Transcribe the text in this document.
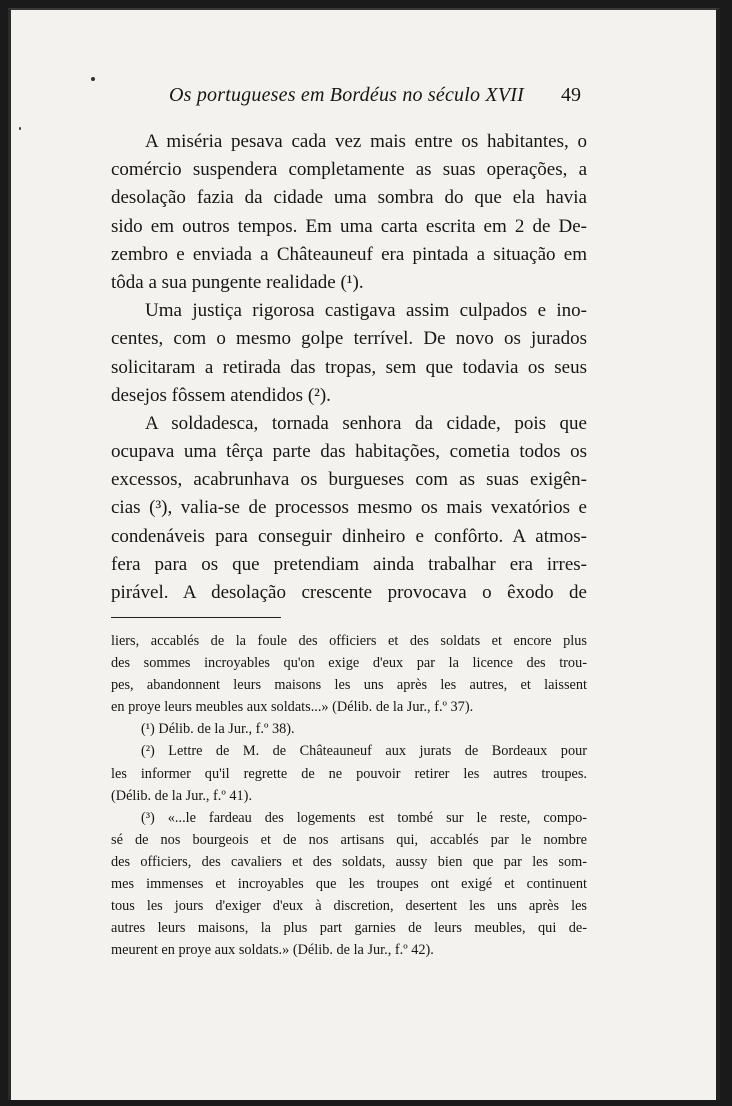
Os portugueses em Bordéus no século XVII 49
A miséria pesava cada vez mais entre os habitantes, o
comércio suspendera completamente as suas operações, a
desolação fazia da cidade uma sombra do que ela havia
sido em outros tempos. Em uma carta escrita em 2 de De-
zembro e enviada a Châteauneuf era pintada a situação em
tôda a sua pungente realidade (¹).
Uma justiça rigorosa castigava assim culpados e ino-
centes, com o mesmo golpe terrível. De novo os jurados
solicitaram a retirada das tropas, sem que todavia os seus
desejos fôssem atendidos (²).
A soldadesca, tornada senhora da cidade, pois que
ocupava uma têrça parte das habitações, cometia todos os
excessos, acabrunhava os burgueses com as suas exigên-
cias (³), valia-se de processos mesmo os mais vexatórios e
condenáveis para conseguir dinheiro e confôrto. A atmos-
fera para os que pretendiam ainda trabalhar era irres-
pirável. A desolação crescente provocava o êxodo de
liers, accablés de la foule des officiers et des soldats et encore plus
des sommes incroyables qu'on exige d'eux par la licence des trou-
pes, abandonnent leurs maisons les uns après les autres, et laissent
en proye leurs meubles aux soldats...» (Délib. de la Jur., f.º 37).
(¹) Délib. de la Jur., f.º 38).
(²) Lettre de M. de Châteauneuf aux jurats de Bordeaux pour
les informer qu'il regrette de ne pouvoir retirer les autres troupes.
(Délib. de la Jur., f.º 41).
(³) «...le fardeau des logements est tombé sur le reste, compo-
sé de nos bourgeois et de nos artisans qui, accablés par le nombre
des officiers, des cavaliers et des soldats, aussy bien que par les som-
mes immenses et incroyables que les troupes ont exigé et continuent
tous les jours d'exiger d'eux à discretion, desertent les uns après les
autres leurs maisons, la plus part garnies de leurs meubles, qui de-
meurent en proye aux soldats.» (Délib. de la Jur., f.º 42).
